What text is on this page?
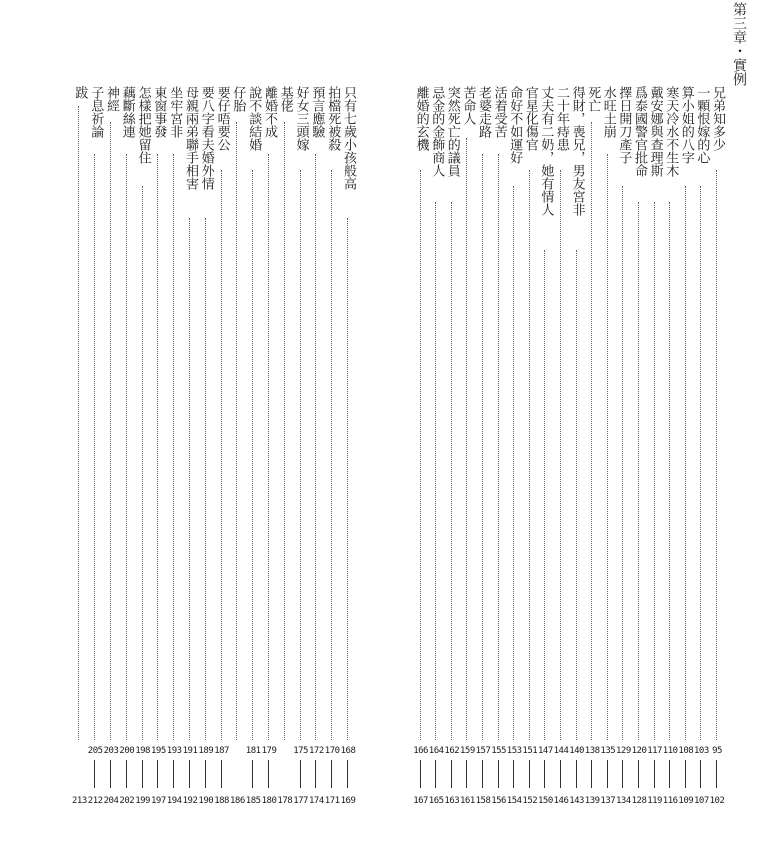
第三章・實例
兄弟知多少
95
102
一顆恨嫁的心
103
107
算小姐的八字
108
109
寒天冷水不生木
110
116
戴安娜與查理斯
117
119
爲泰國警官批命
120
128
擇日開刀產子
129
134
水旺土崩
135
137
死亡
138
139
得財，喪兄，男友宮非
140
143
二十年痔患
144
146
丈夫有二奶，她有情人
147
150
官星化傷官
151
152
命好不如運好
153
154
活着受苦
155
156
老婆走路
157
158
苦命人
159
161
突然死亡的議員
162
163
忌金的金飾商人
164
165
離婚的玄機
166
167
只有七歲小孩般高
168
169
拍檔死被殺
170
171
預言應驗
172
174
好女三頭嫁
175
177
基佬
178
離婚不成
179
180
說不談結婚
181
185
仔胎
186
要仔唔要公
187
188
要八字看夫婚外情
189
190
母親兩弟聯手相害
191
192
坐牢宮非
193
194
東窗事發
195
197
怎樣把她留住
198
199
藕斷絲連
200
202
神經
203
204
子息祈論
205
212
跋
213
